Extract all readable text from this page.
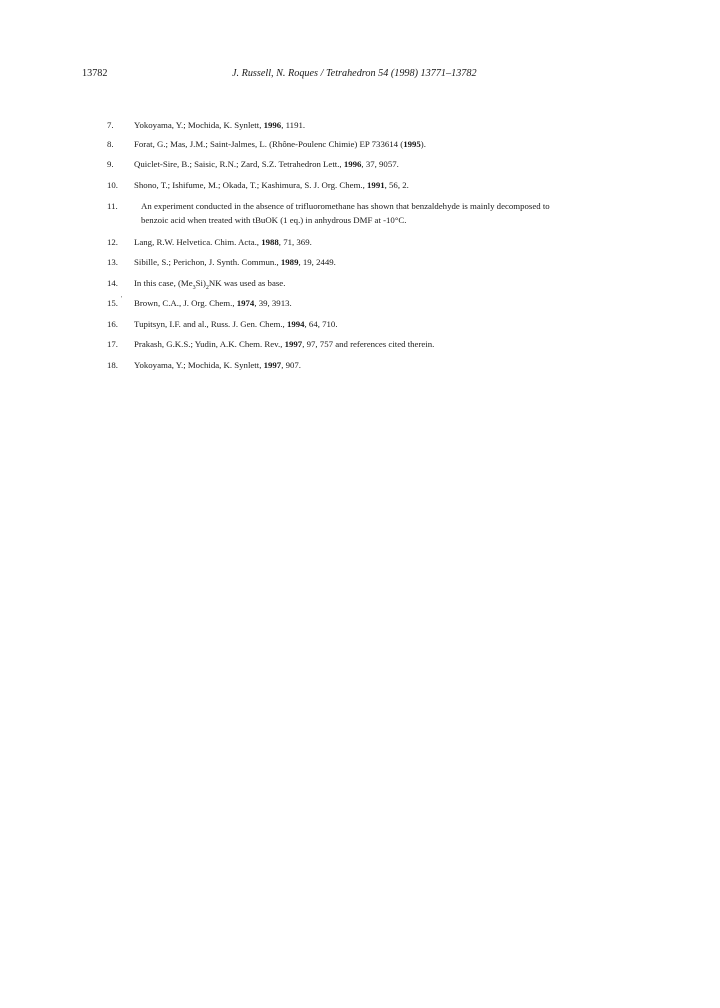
13782	J. Russell, N. Roques / Tetrahedron 54 (1998) 13771–13782
7.	Yokoyama, Y.; Mochida, K. Synlett, 1996, 1191.
8.	Forat, G.; Mas, J.M.; Saint-Jalmes, L. (Rhône-Poulenc Chimie) EP 733614 (1995).
9.	Quiclet-Sire, B.; Saisic, R.N.; Zard, S.Z. Tetrahedron Lett., 1996, 37, 9057.
10.	Shono, T.; Ishifume, M.; Okada, T.; Kashimura, S. J. Org. Chem., 1991, 56, 2.
11.	An experiment conducted in the absence of trifluoromethane has shown that benzaldehyde is mainly decomposed to
benzoic acid when treated with tBuOK (1 eq.) in anhydrous DMF at -10°C.
12.	Lang, R.W. Helvetica. Chim. Acta., 1988, 71, 369.
13.	Sibille, S.; Perichon, J. Synth. Commun., 1989, 19, 2449.
14.	In this case, $(Me_3Si)_2NK$ was used as base.
15. ' Brown, C.A., J. Org. Chem., 1974, 39, 3913.
16.	Tupitsyn, I.F. and al., Russ. J. Gen. Chem., 1994, 64, 710.
17.	Prakash, G.K.S.; Yudin, A.K. Chem. Rev., 1997, 97, 757 and references cited therein.
18.	Yokoyama, Y.; Mochida, K. Synlett, 1997, 907.
